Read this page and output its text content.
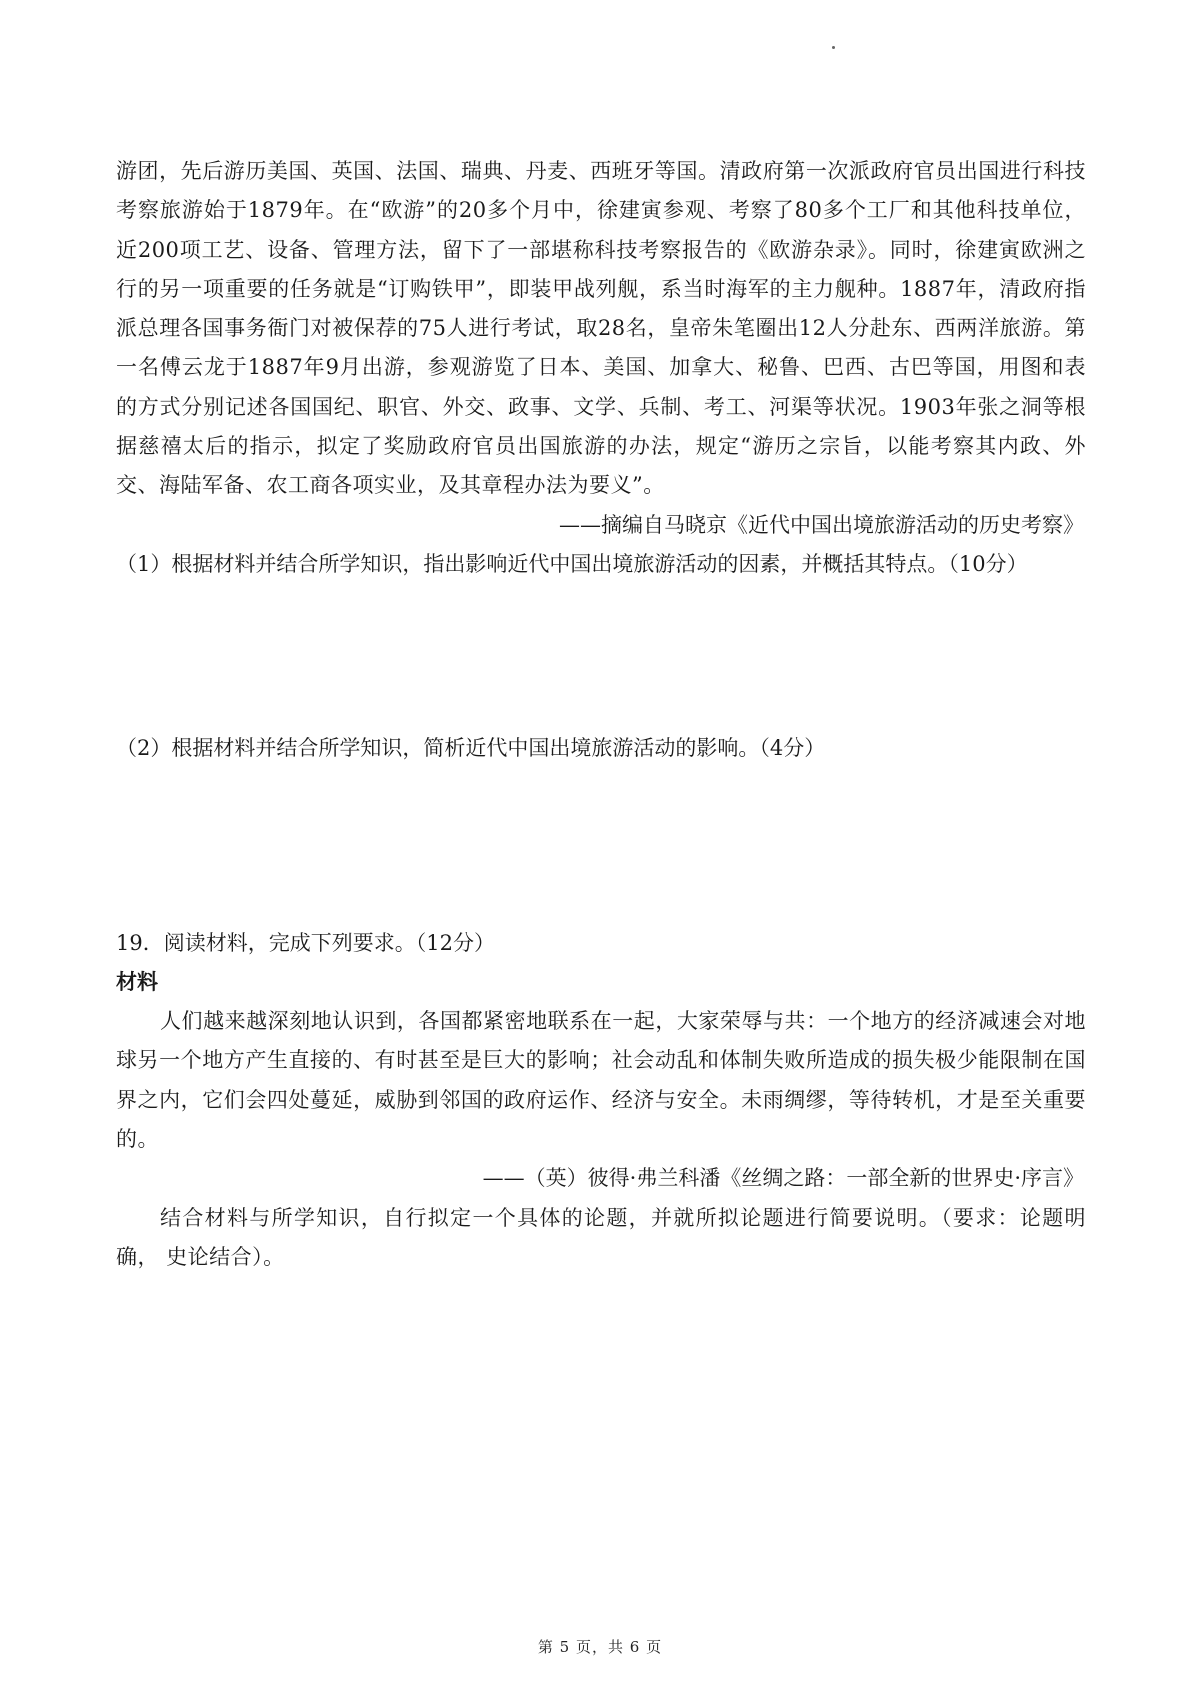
游团，先后游历美国、英国、法国、瑞典、丹麦、西班牙等国。清政府第一次派政府官员出国进行科技考察旅游始于1879年。在“欧游”的20多个月中，徐建寅参观、考察了80多个工厂和其他科技单位，近200项工艺、设备、管理方法，留下了一部堪称科技考察报告的《欧游杂录》。同时，徐建寅欧洲之行的另一项重要的任务就是“订购铁甲”，即装甲战列舰，系当时海军的主力舰种。1887年，清政府指派总理各国事务衙门对被保荐的75人进行考试，取28名，皇帝朱笔圈出12人分赴东、西两洋旅游。第一名傅云龙于1887年9月出游，参观游览了日本、美国、加拿大、秘鲁、巴西、古巴等国，用图和表的方式分别记述各国国纪、职官、外交、政事、文学、兵制、考工、河渠等状况。1903年张之洞等根据慈禧太后的指示，拟定了奖励政府官员出国旅游的办法，规定“游历之宗旨，以能考察其内政、外交、海陆军备、农工商各项实业，及其章程办法为要义”。

——摘编自马晓京《近代中国出境旅游活动的历史考察》

（1）根据材料并结合所学知识，指出影响近代中国出境旅游活动的因素，并概括其特点。（10分）

（2）根据材料并结合所学知识，简析近代中国出境旅游活动的影响。（4分）

19．阅读材料，完成下列要求。（12分）

材料

人们越来越深刻地认识到，各国都紧密地联系在一起，大家荣辱与共：一个地方的经济减速会对地球另一个地方产生直接的、有时甚至是巨大的影响；社会动乱和体制失败所造成的损失极少能限制在国界之内，它们会四处蔓延，威胁到邻国的政府运作、经济与安全。未雨绸缪，等待转机，才是至关重要的。

——（英）彼得·弗兰科潘《丝绸之路：一部全新的世界史·序言》

结合材料与所学知识，自行拟定一个具体的论题，并就所拟论题进行简要说明。（要求：论题明确， 史论结合）。

第 5 页，共 6 页
